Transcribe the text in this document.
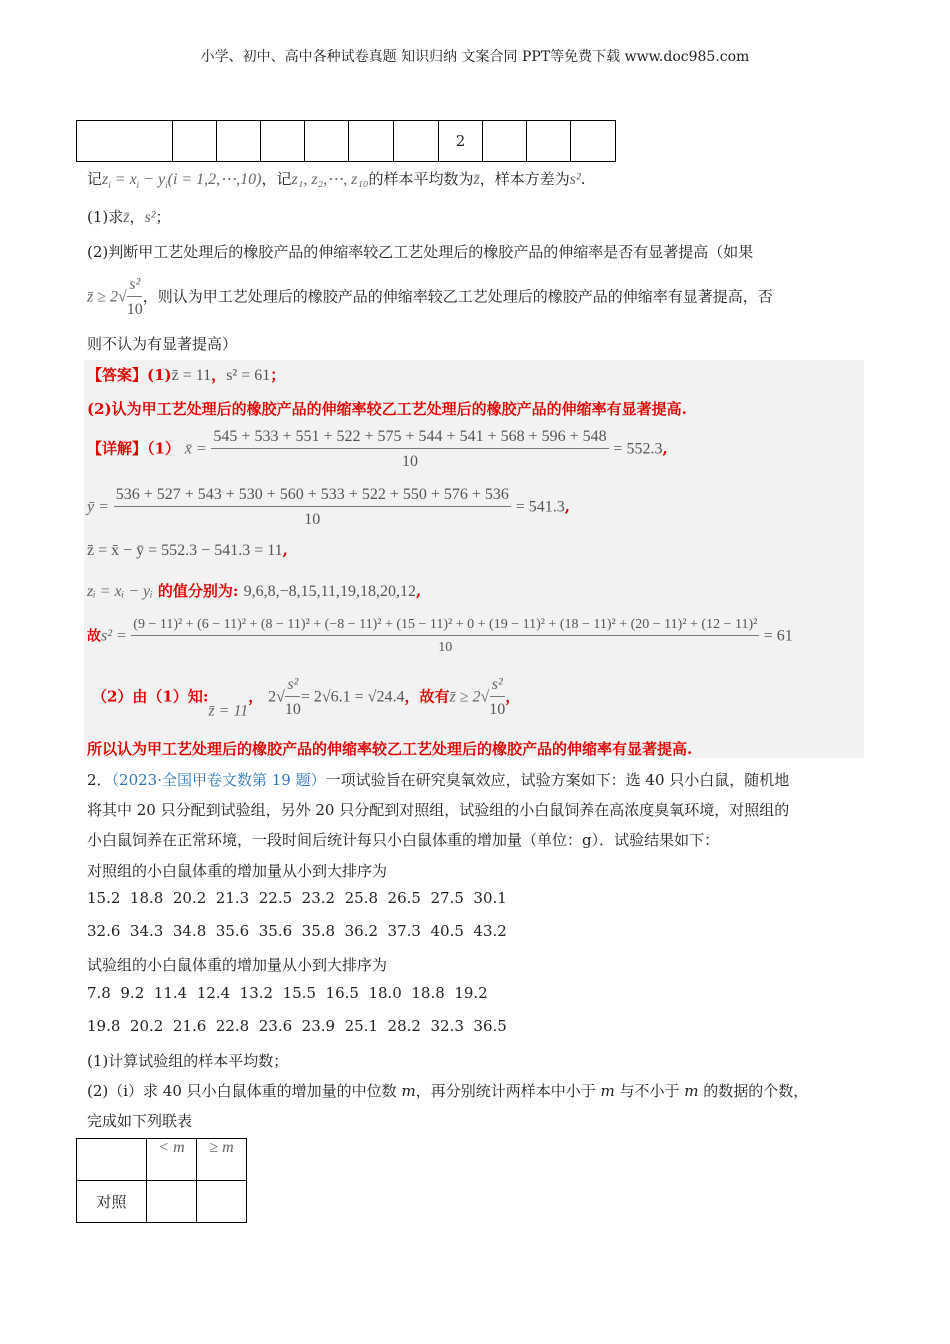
小学、初中、高中各种试卷真题 知识归纳 文案合同 PPT等免费下载 www.doc985.com
							2			
记$z_i = x_i - y_i(i$ = 1,2,⋯,10)，记z₁, z₂,⋯, z₁₀的样本平均数为z̄，样本方差为s².
(1)求z̄，s²；
(2)判断甲工艺处理后的橡胶产品的伸缩率较乙工艺处理后的橡胶产品的伸缩率是否有显著提高（如果
z̄ ≥ $2√ \frac{\text{s²}}{10}$ ，则认为甲工艺处理后的橡胶产品的伸缩率较乙工艺处理后的橡胶产品的伸缩率有显著提高，否
则不认为有显著提高）
【答案】(1)z̄ = 11，s² = 61；
(2)认为甲工艺处理后的橡胶产品的伸缩率较乙工艺处理后的橡胶产品的伸缩率有显著提高.
【详解】（1） x̄ = $\frac{545 + 533 + 551 + 522 + 575 + 544 + 541 + 568 + 596 + 548}{10} = 552.3$,
ȳ = $\frac{536 + 527 + 543 + 530 + 560 + 533 + 522 + 550 + 576 + 536}{10} = 541.3$,
z̄ = x̄ − ȳ = 552.3 − 541.3 = 11,
zᵢ = xᵢ − yᵢ 的值分别为: 9,6,8,−8,15,11,19,18,20,12,
故s² =
(9 − 11)² + (6 − 11)² + (8 − 11)² + (−8 − 11)² + (15 − 11)² + 0 + (19 − 11)² + (18 − 11)² + (20 − 11)² + (12 − 11)²
10
= 61
（2）由（1）知:z̄ = 11， $2√ \frac{\text{s²}}{10} = 2√6.1 = √24.4$，故有z̄ ≥ $2√ \frac{\text{s²}}{10}$ ，
所以认为甲工艺处理后的橡胶产品的伸缩率较乙工艺处理后的橡胶产品的伸缩率有显著提高.
2．（2023·全国甲卷文数第 19 题）一项试验旨在研究臭氧效应，试验方案如下：选 40 只小白鼠，随机地
将其中 20 只分配到试验组，另外 20 只分配到对照组，试验组的小白鼠饲养在高浓度臭氧环境，对照组的
小白鼠饲养在正常环境，一段时间后统计每只小白鼠体重的增加量（单位：g）．试验结果如下：
对照组的小白鼠体重的增加量从小到大排序为
15.2  18.8  20.2  21.3  22.5  23.2  25.8  26.5  27.5  30.1
32.6  34.3  34.8  35.6  35.6  35.8  36.2  37.3  40.5  43.2
试验组的小白鼠体重的增加量从小到大排序为
7.8  9.2  11.4  12.4  13.2  15.5  16.5  18.0  18.8  19.2
19.8  20.2  21.6  22.8  23.6  23.9  25.1  28.2  32.3  36.5
(1)计算试验组的样本平均数；
(2)（ⅰ）求 40 只小白鼠体重的增加量的中位数 m，再分别统计两样本中小于 m 与不小于 m 的数据的个数，
完成如下列联表
	< m	≥ m
对照		
